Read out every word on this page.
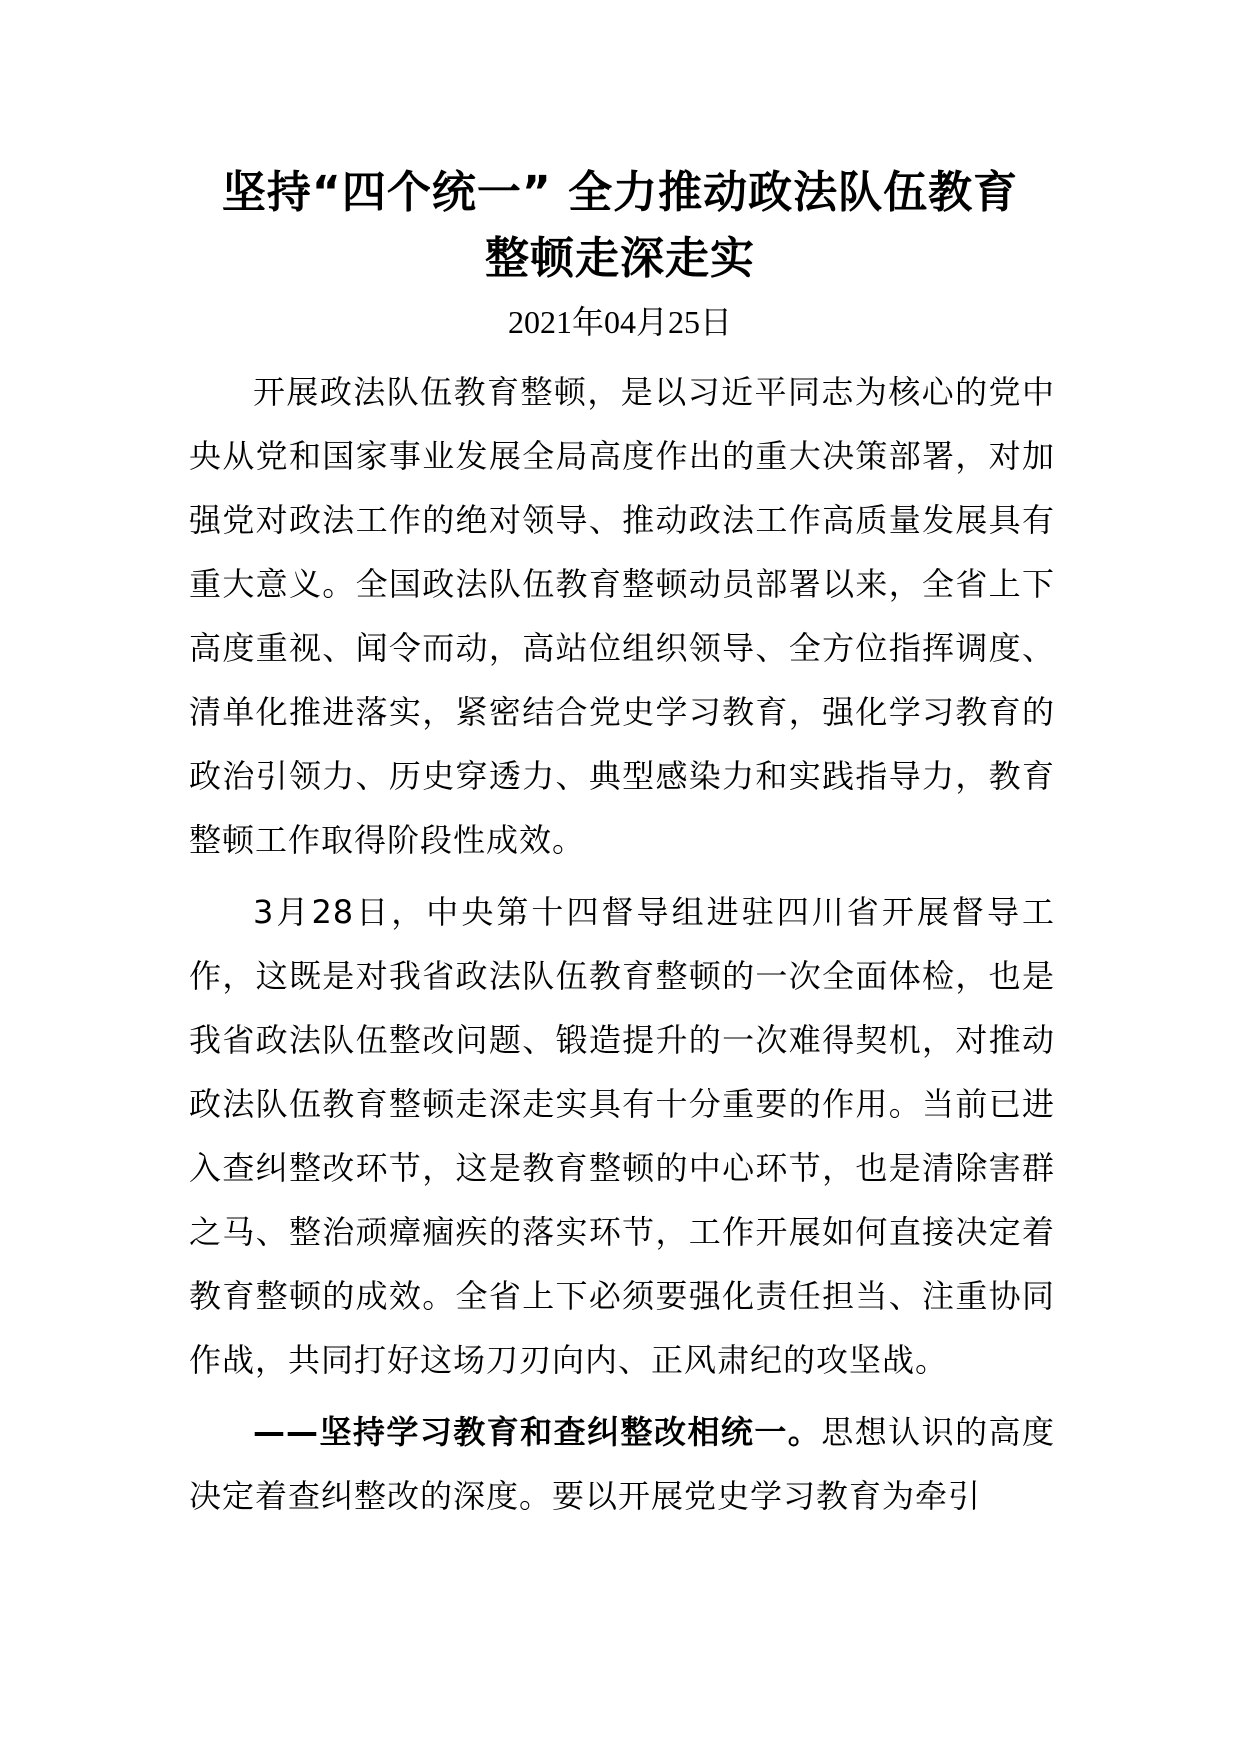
坚持“四个统一” 全力推动政法队伍教育
整顿走深走实
2021年04月25日

开展政法队伍教育整顿，是以习近平同志为核心的党中央从党和国家事业发展全局高度作出的重大决策部署，对加强党对政法工作的绝对领导、推动政法工作高质量发展具有重大意义。全国政法队伍教育整顿动员部署以来，全省上下高度重视、闻令而动，高站位组织领导、全方位指挥调度、清单化推进落实，紧密结合党史学习教育，强化学习教育的政治引领力、历史穿透力、典型感染力和实践指导力，教育整顿工作取得阶段性成效。

3月28日，中央第十四督导组进驻四川省开展督导工作，这既是对我省政法队伍教育整顿的一次全面体检，也是我省政法队伍整改问题、锻造提升的一次难得契机，对推动政法队伍教育整顿走深走实具有十分重要的作用。当前已进入查纠整改环节，这是教育整顿的中心环节，也是清除害群之马、整治顽瘴痼疾的落实环节，工作开展如何直接决定着教育整顿的成效。全省上下必须要强化责任担当、注重协同作战，共同打好这场刀刃向内、正风肃纪的攻坚战。

——坚持学习教育和查纠整改相统一。思想认识的高度决定着查纠整改的深度。要以开展党史学习教育为牵引
